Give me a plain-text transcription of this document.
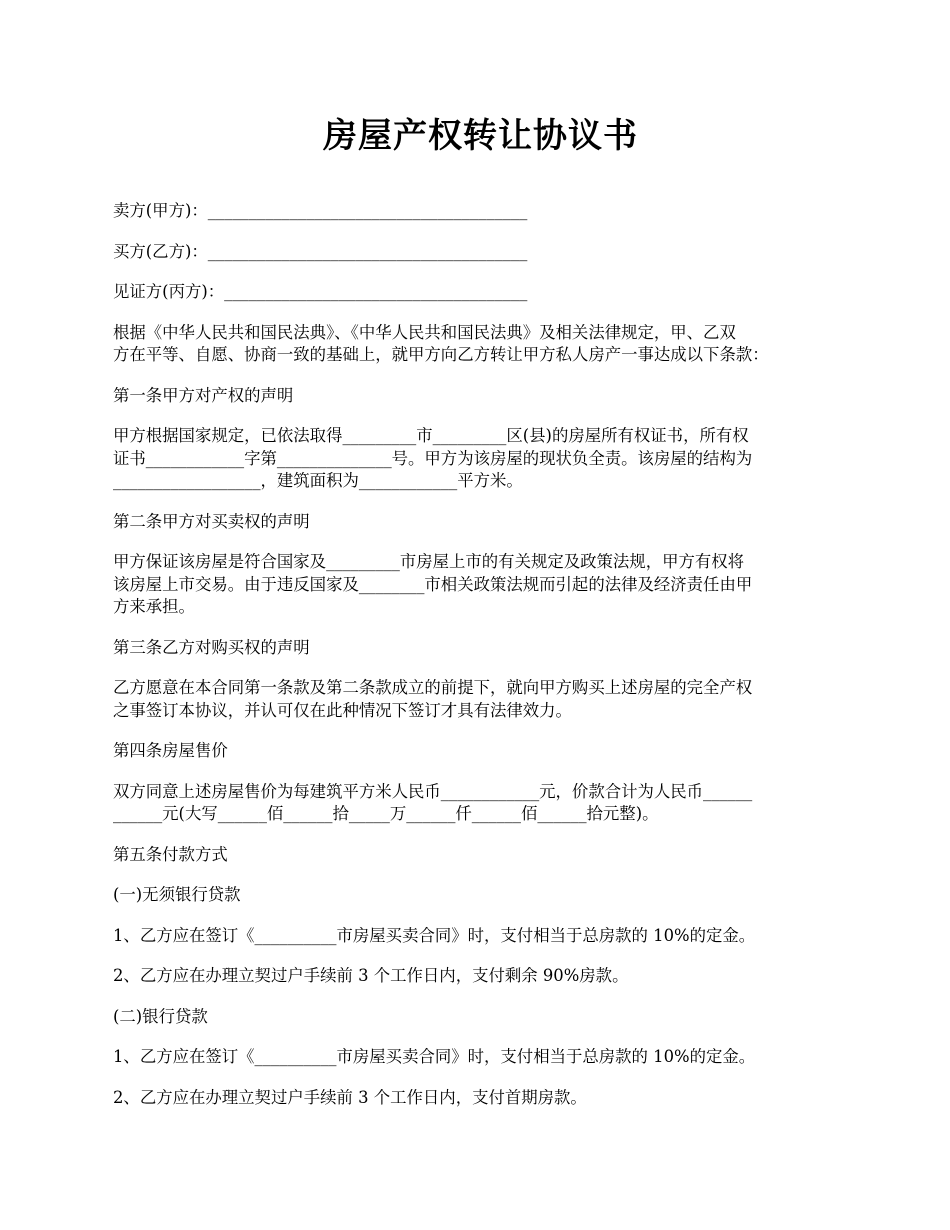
房屋产权转让协议书
卖方(甲方)：_______________________________________
买方(乙方)：_______________________________________
见证方(丙方)：_____________________________________
根据《中华人民共和国民法典》、《中华人民共和国民法典》及相关法律规定，甲、乙双
方在平等、自愿、协商一致的基础上，就甲方向乙方转让甲方私人房产一事达成以下条款：
第一条甲方对产权的声明
甲方根据国家规定，已依法取得_________市_________区(县)的房屋所有权证书，所有权
证书____________字第______________号。甲方为该房屋的现状负全责。该房屋的结构为
__________________，建筑面积为____________平方米。
第二条甲方对买卖权的声明
甲方保证该房屋是符合国家及_________市房屋上市的有关规定及政策法规，甲方有权将
该房屋上市交易。由于违反国家及________市相关政策法规而引起的法律及经济责任由甲
方来承担。
第三条乙方对购买权的声明
乙方愿意在本合同第一条款及第二条款成立的前提下，就向甲方购买上述房屋的完全产权
之事签订本协议，并认可仅在此种情况下签订才具有法律效力。
第四条房屋售价
双方同意上述房屋售价为每建筑平方米人民币____________元，价款合计为人民币______
______元(大写______佰______拾_____万______仟______佰______拾元整)。
第五条付款方式
(一)无须银行贷款
1、乙方应在签订《__________市房屋买卖合同》时，支付相当于总房款的 10%的定金。
2、乙方应在办理立契过户手续前 3 个工作日内，支付剩余 90%房款。
(二)银行贷款
1、乙方应在签订《__________市房屋买卖合同》时，支付相当于总房款的 10%的定金。
2、乙方应在办理立契过户手续前 3 个工作日内，支付首期房款。
